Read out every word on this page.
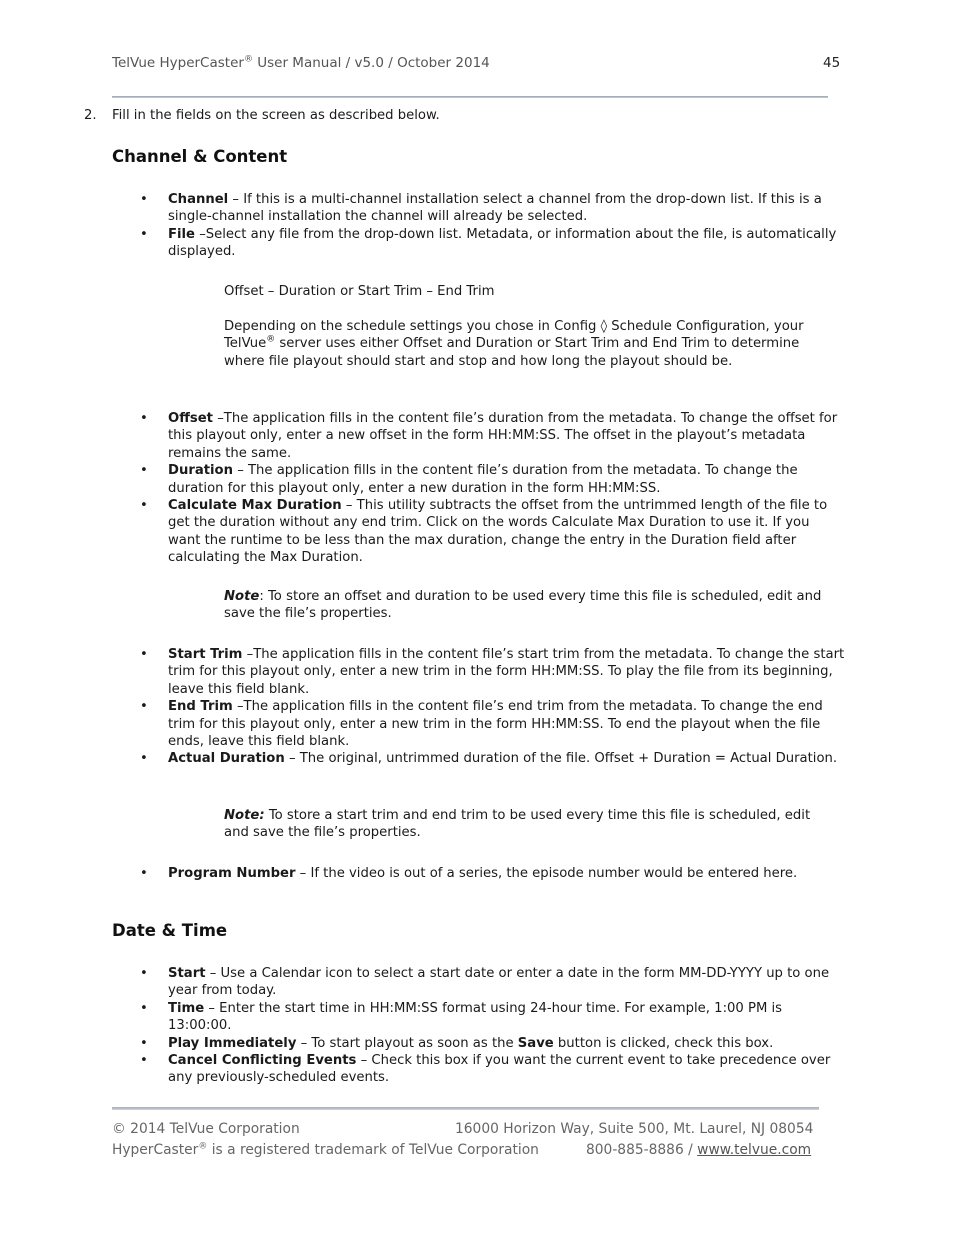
TelVue HyperCaster® User Manual / v5.0 / October 2014	45
2. Fill in the fields on the screen as described below.
Channel & Content
• Channel – If this is a multi-channel installation select a channel from the drop-down list. If this is a single-channel installation the channel will already be selected.
• File –Select any file from the drop-down list. Metadata, or information about the file, is automatically displayed.
Offset – Duration or Start Trim – End Trim
Depending on the schedule settings you chose in Config ◊ Schedule Configuration, your TelVue® server uses either Offset and Duration or Start Trim and End Trim to determine where file playout should start and stop and how long the playout should be.
• Offset –The application fills in the content file’s duration from the metadata. To change the offset for this playout only, enter a new offset in the form HH:MM:SS. The offset in the playout’s metadata remains the same.
• Duration – The application fills in the content file’s duration from the metadata. To change the duration for this playout only, enter a new duration in the form HH:MM:SS.
• Calculate Max Duration – This utility subtracts the offset from the untrimmed length of the file to get the duration without any end trim. Click on the words Calculate Max Duration to use it. If you want the runtime to be less than the max duration, change the entry in the Duration field after calculating the Max Duration.
Note: To store an offset and duration to be used every time this file is scheduled, edit and save the file’s properties.
• Start Trim –The application fills in the content file’s start trim from the metadata. To change the start trim for this playout only, enter a new trim in the form HH:MM:SS. To play the file from its beginning, leave this field blank.
• End Trim –The application fills in the content file’s end trim from the metadata. To change the end trim for this playout only, enter a new trim in the form HH:MM:SS. To end the playout when the file ends, leave this field blank.
• Actual Duration – The original, untrimmed duration of the file. Offset + Duration = Actual Duration.
Note: To store a start trim and end trim to be used every time this file is scheduled, edit and save the file’s properties.
• Program Number – If the video is out of a series, the episode number would be entered here.
Date & Time
• Start – Use a Calendar icon to select a start date or enter a date in the form MM-DD-YYYY up to one year from today.
• Time – Enter the start time in HH:MM:SS format using 24-hour time. For example, 1:00 PM is 13:00:00.
• Play Immediately – To start playout as soon as the Save button is clicked, check this box.
• Cancel Conflicting Events – Check this box if you want the current event to take precedence over any previously-scheduled events.
© 2014 TelVue Corporation	16000 Horizon Way, Suite 500, Mt. Laurel, NJ 08054
HyperCaster® is a registered trademark of TelVue Corporation	800-885-8886 / www.telvue.com
